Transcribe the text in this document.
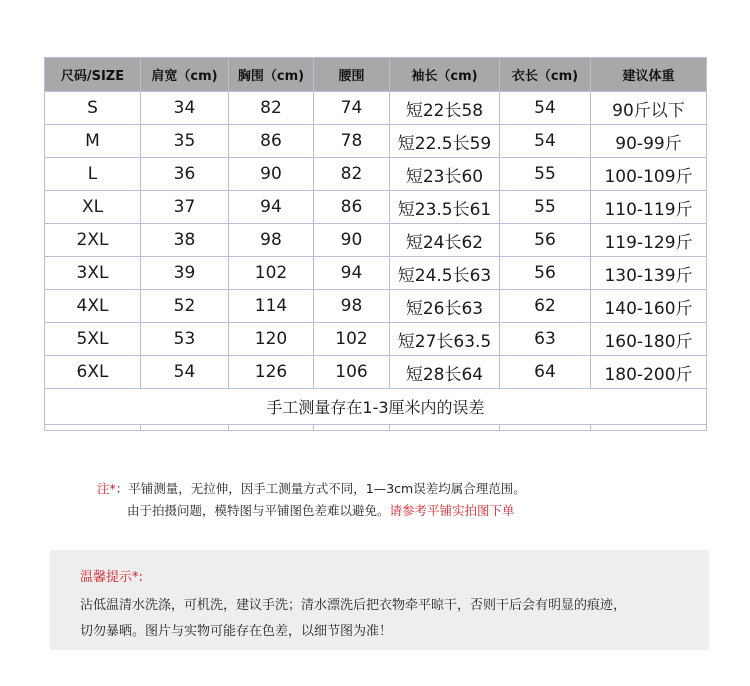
尺码/SIZE	肩宽（cm)	胸围（cm)	腰围	袖长（cm)	衣长（cm)	建议体重
S	34	82	74	短22长58	54	90斤以下
M	35	86	78	短22.5长59	54	90-99斤
L	36	90	82	短23长60	55	100-109斤
XL	37	94	86	短23.5长61	55	110-119斤
2XL	38	98	90	短24长62	56	119-129斤
3XL	39	102	94	短24.5长63	56	130-139斤
4XL	52	114	98	短26长63	62	140-160斤
5XL	53	120	102	短27长63.5	63	160-180斤
6XL	54	126	106	短28长64	64	180-200斤
手工测量存在1-3厘米内的误差						

注*：平铺测量，无拉伸，因手工测量方式不同，1—3cm误差均属合理范围。
由于拍摄问题，模特图与平铺图色差难以避免。请参考平铺实拍图下单
温馨提示*:
沾低温清水洗涤，可机洗，建议手洗；清水漂洗后把衣物牵平晾干，否则干后会有明显的痕迹，
切勿暴晒。图片与实物可能存在色差，以细节图为准！
